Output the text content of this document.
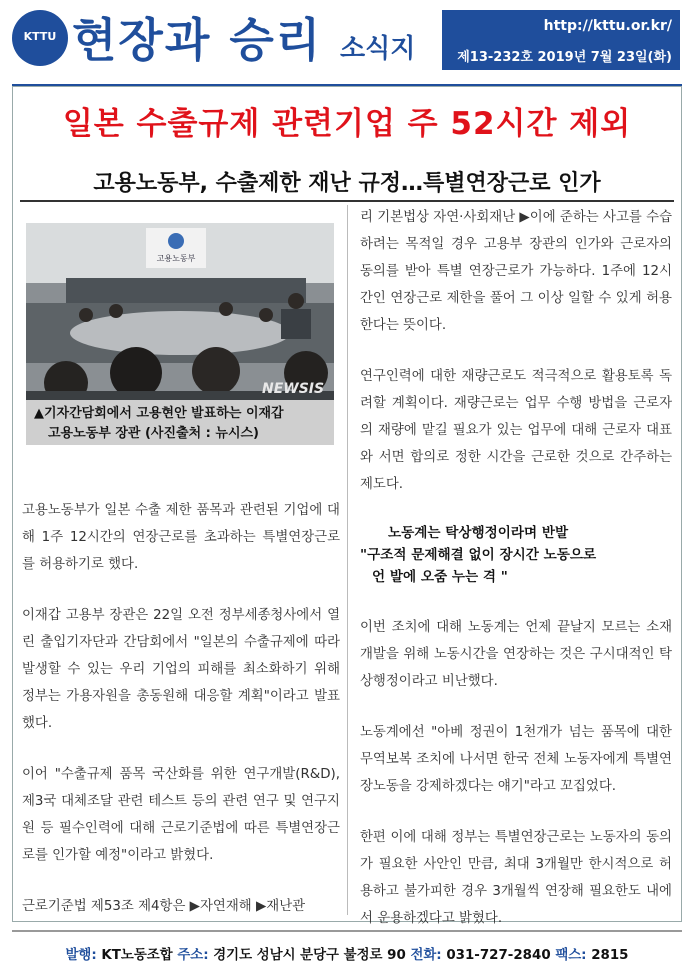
KTTU 현장과 승리 소식지
http://kttu.or.kr/
제13-232호 2019년 7월 23일(화)
일본 수출규제 관련기업 주 52시간 제외
고용노동부, 수출제한 재난 규정…특별연장근로 인가
고용노동부
NEWSIS
▲기자간담회에서 고용현안 발표하는 이재갑
고용노동부 장관 (사진출처 : 뉴시스)

고용노동부가 일본 수출 제한 품목과 관련된 기업에 대해 1주 12시간의 연장근로를 초과하는 특별연장근로를 허용하기로 했다.

이재갑 고용부 장관은 22일 오전 정부세종청사에서 열린 출입기자단과 간담회에서 "일본의 수출규제에 따라 발생할 수 있는 우리 기업의 피해를 최소화하기 위해 정부는 가용자원을 총동원해 대응할 계획"이라고 발표했다.

이어 "수출규제 품목 국산화를 위한 연구개발(R&D), 제3국 대체조달 관련 테스트 등의 관련 연구 및 연구지원 등 필수인력에 대해 근로기준법에 따른 특별연장근로를 인가할 예정"이라고 밝혔다.

근로기준법 제53조 제4항은 ▶자연재해 ▶재난관

리 기본법상 자연·사회재난 ▶이에 준하는 사고를 수습하려는 목적일 경우 고용부 장관의 인가와 근로자의 동의를 받아 특별 연장근로가 가능하다. 1주에 12시간인 연장근로 제한을 풀어 그 이상 일할 수 있게 허용한다는 뜻이다.

연구인력에 대한 재량근로도 적극적으로 활용토록 독려할 계획이다. 재량근로는 업무 수행 방법을 근로자의 재량에 맡길 필요가 있는 업무에 대해 근로자 대표와 서면 합의로 정한 시간을 근로한 것으로 간주하는 제도다.

노동계는 탁상행정이라며 반발
"구조적 문제해결 없이 장시간 노동으로
언 발에 오줌 누는 격 "

이번 조치에 대해 노동계는 언제 끝날지 모르는 소재 개발을 위해 노동시간을 연장하는 것은 구시대적인 탁상행정이라고 비난했다.

노동계에선 "아베 정권이 1천개가 넘는 품목에 대한 무역보복 조치에 나서면 한국 전체 노동자에게 특별연장노동을 강제하겠다는 얘기"라고 꼬집었다.

한편 이에 대해 정부는 특별연장근로는 노동자의 동의가 필요한 사안인 만큼, 최대 3개월만 한시적으로 허용하고 불가피한 경우 3개월씩 연장해 필요한도 내에서 운용하겠다고 밝혔다.

발행: KT노동조합 주소: 경기도 성남시 분당구 불정로 90 전화: 031-727-2840 팩스: 2815
